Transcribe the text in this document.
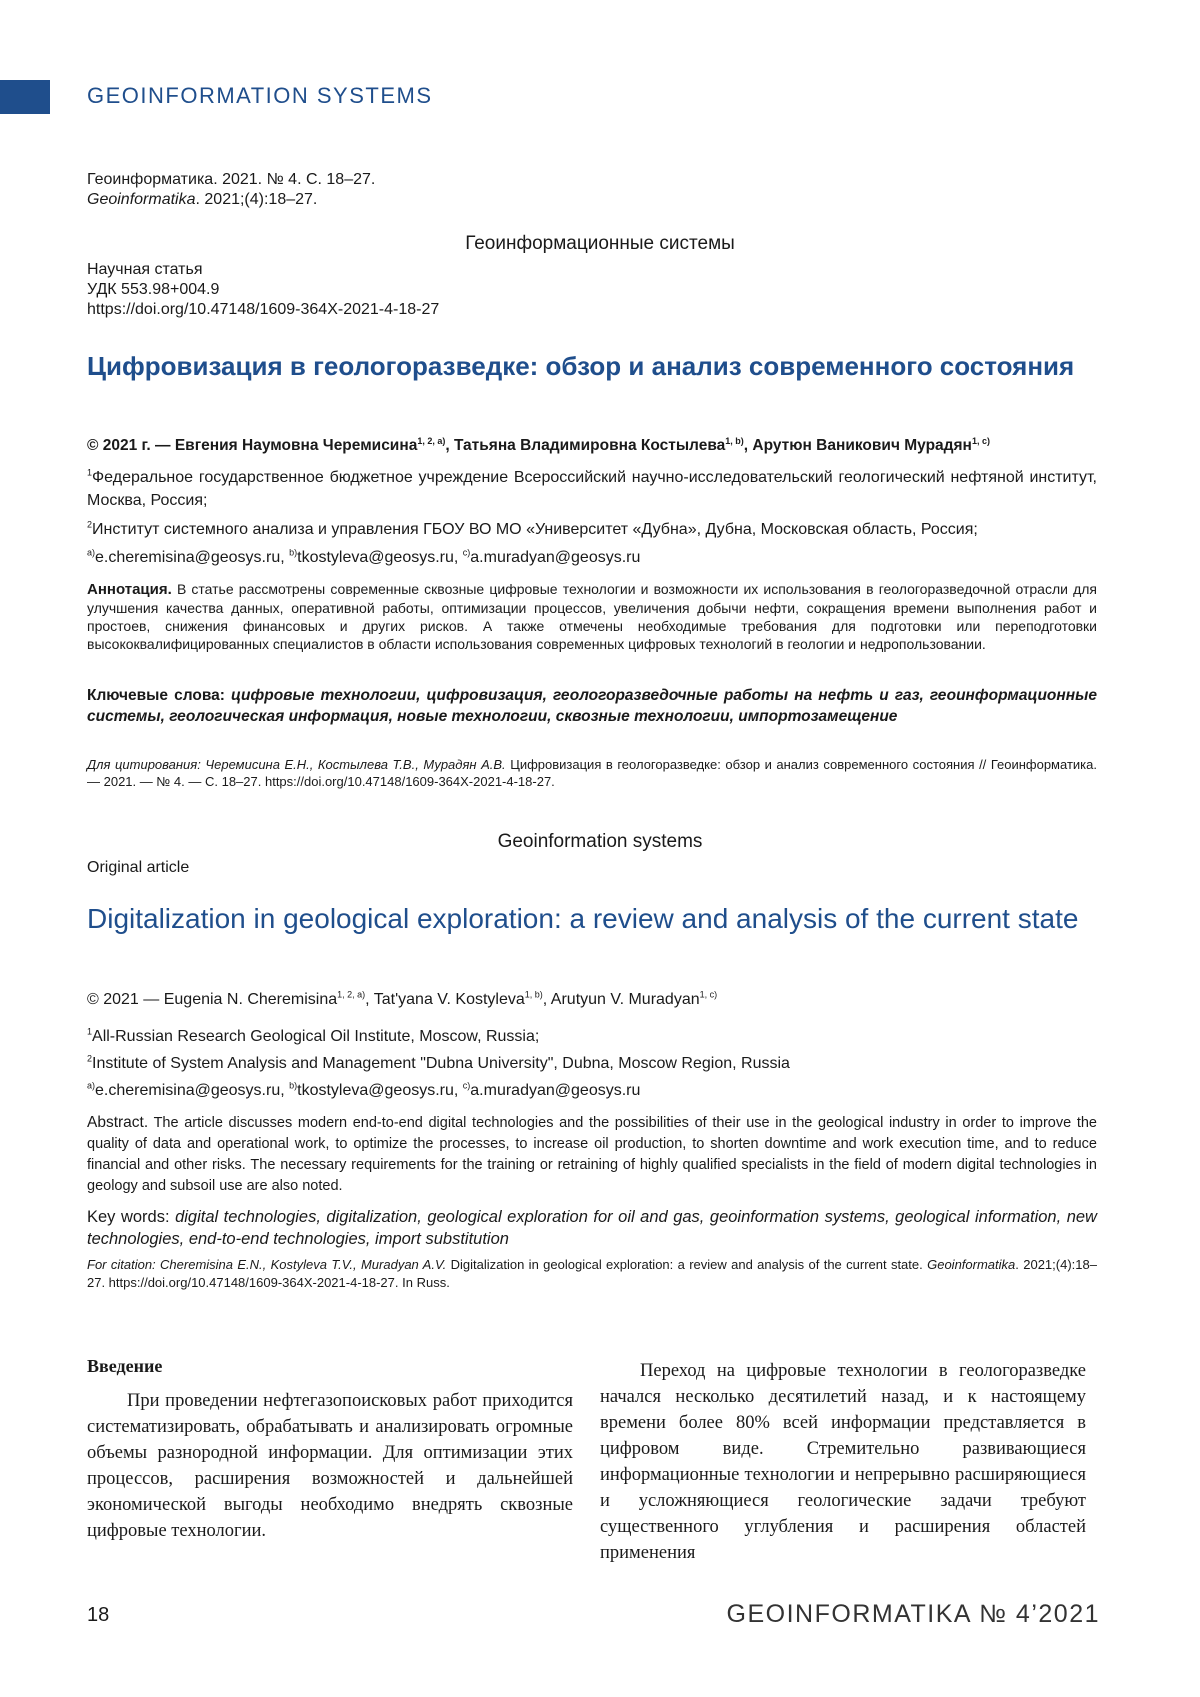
GEOINFORMATION SYSTEMS
Геоинформатика. 2021. № 4. С. 18–27.
Geoinformatika. 2021;(4):18–27.
Геоинформационные системы
Научная статья
УДК 553.98+004.9
https://doi.org/10.47148/1609-364X-2021-4-18-27
Цифровизация в геологоразведке: обзор и анализ современного состояния
© 2021 г. — Евгения Наумовна Черемисина$^{1, 2, a)}$, Татьяна Владимировна Костылева$^{1, b)}$, Арутюн Ваникович Мурадян$^{1, c)}$
$^1$Федеральное государственное бюджетное учреждение Всероссийский научно-исследовательский геологический нефтяной институт, Москва, Россия;
$^2$Институт системного анализа и управления ГБОУ ВО МО «Университет «Дубна», Дубна, Московская область, Россия;
$^{a)}$e.cheremisina@geosys.ru, $^{b)}$tkostyleva@geosys.ru, $^{c)}$a.muradyan@geosys.ru
Аннотация. В статье рассмотрены современные сквозные цифровые технологии и возможности их использования в геологоразведочной отрасли для улучшения качества данных, оперативной работы, оптимизации процессов, увеличения добычи нефти, сокращения времени выполнения работ и простоев, снижения финансовых и других рисков. А также отмечены необходимые требования для подготовки или переподготовки высококвалифицированных специалистов в области использования современных цифровых технологий в геологии и недропользовании.
Ключевые слова: цифровые технологии, цифровизация, геологоразведочные работы на нефть и газ, геоинформационные системы, геологическая информация, новые технологии, сквозные технологии, импортозамещение
Для цитирования: Черемисина Е.Н., Костылева Т.В., Мурадян А.В. Цифровизация в геологоразведке: обзор и анализ современного состояния // Геоинформатика. — 2021. — № 4. — С. 18–27. https://doi.org/10.47148/1609-364X-2021-4-18-27.
Geoinformation systems
Original article
Digitalization in geological exploration: a review and analysis of the current state
© 2021 — Eugenia N. Cheremisina$^{1, 2, a)}$, Tat'yana V. Kostyleva$^{1, b)}$, Arutyun V. Muradyan$^{1, c)}$
$^1$All-Russian Research Geological Oil Institute, Moscow, Russia;
$^2$Institute of System Analysis and Management "Dubna University", Dubna, Moscow Region, Russia
$^{a)}$e.cheremisina@geosys.ru, $^{b)}$tkostyleva@geosys.ru, $^{c)}$a.muradyan@geosys.ru
Abstract. The article discusses modern end-to-end digital technologies and the possibilities of their use in the geological industry in order to improve the quality of data and operational work, to optimize the processes, to increase oil production, to shorten downtime and work execution time, and to reduce financial and other risks. The necessary requirements for the training or retraining of highly qualified specialists in the field of modern digital technologies in geology and subsoil use are also noted.
Key words: digital technologies, digitalization, geological exploration for oil and gas, geoinformation systems, geological information, new technologies, end-to-end technologies, import substitution
For citation: Cheremisina E.N., Kostyleva T.V., Muradyan A.V. Digitalization in geological exploration: a review and analysis of the current state. Geoinformatika. 2021;(4):18–27. https://doi.org/10.47148/1609-364X-2021-4-18-27. In Russ.
Введение

При проведении нефтегазопоисковых работ приходится систематизировать, обрабатывать и анализировать огромные объемы разнородной информации. Для оптимизации этих процессов, расширения возможностей и дальнейшей экономической выгоды необходимо внедрять сквозные цифровые технологии.

Переход на цифровые технологии в геологоразведке начался несколько десятилетий назад, и к настоящему времени более 80% всей информации представляется в цифровом виде. Стремительно развивающиеся информационные технологии и непрерывно расширяющиеся и усложняющиеся геологические задачи требуют существенного углубления и расширения областей применения

18	GEOINFORMATIKA № 4’2021
